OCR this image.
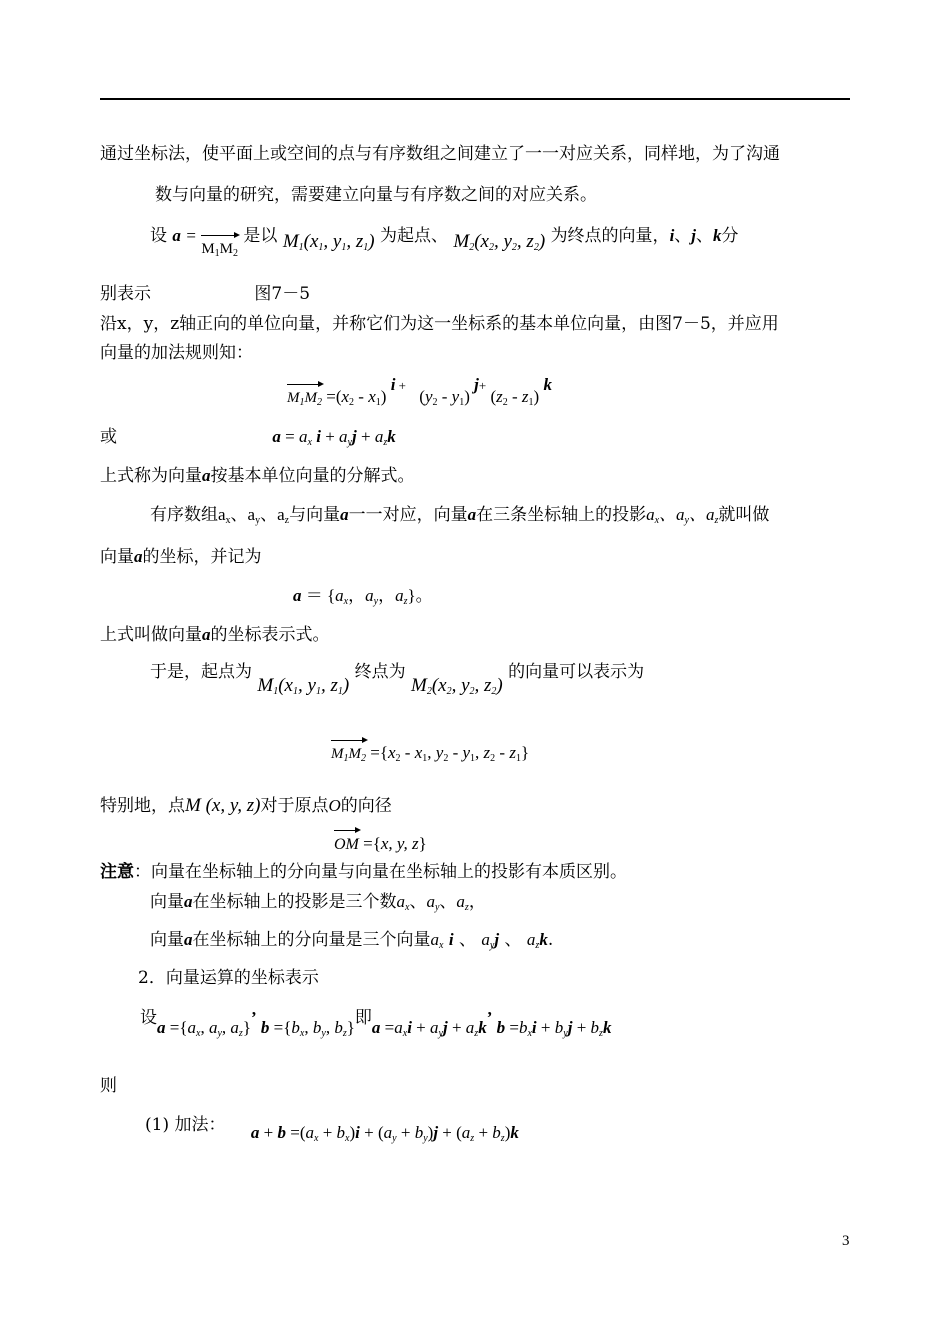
通过坐标法，使平面上或空间的点与有序数组之间建立了一一对应关系，同样地，为了沟通
数与向量的研究，需要建立向量与有序数之间的对应关系。
设 $a = M_1M_2$ 是以 $M_1(x_1$, $y_1$, $z_1$) 为起点、 $M_2(x_2$, $y_2$, $z_2$) 为终点的向量，i、j、k分
别表示	图7－5
沿x，y，z轴正向的单位向量，并称它们为这一坐标系的基本单位向量，由图7－5，并应用
向量的加法规则知：
$M_1M_2 =(x_2 - x_1)$ i + $(y_2 - y_1)$ j+ $(z_2 - z_1)$ k
或	$a = a_x$ $i + a_yj + a_zk$
上式称为向量a按基本单位向量的分解式。
有序数组$a_x$、$a_y$、$a_z$与向量a一一对应，向量a在三条坐标轴上的投影$a_x$、$a_y$、$a_z$就叫做
向量a的坐标，并记为
$a = \{a_x$，$a_y$，$a_z$}。
上式叫做向量a的坐标表示式。
于是，起点为 $M_1(x_1$, $y_1$, $z_1$) 终点为 $M_2(x_2$, $y_2$, $z_2$) 的向量可以表示为
$M_1M_2 =\{x_2 - x_1$, $y_2 - y_1$, $z_2 - z_1$}
特别地，点M (x, y, z)对于原点O的向径
OM ={x, y, z}
注意：向量在坐标轴上的分向量与向量在坐标轴上的投影有本质区别。
向量a在坐标轴上的投影是三个数$a_x$、$a_y$、$a_z$，
向量a在坐标轴上的分向量是三个向量$a_x$ i 、 $a_yj$ 、 $a_zk$.
2．向量运算的坐标表示
设$a =\{a_x$, $a_y$, $a_z$}’ $b =\{b_x$, $b_y$, $b_z$}即$a =a_xi + a_yj + a_zk$’ $b =b_xi + b_yj + b_zk$
则
(1) 加法： $a + b =(a_x + b_x)i + (a_y + b_y)j + (a_z + b_z)k$
3
